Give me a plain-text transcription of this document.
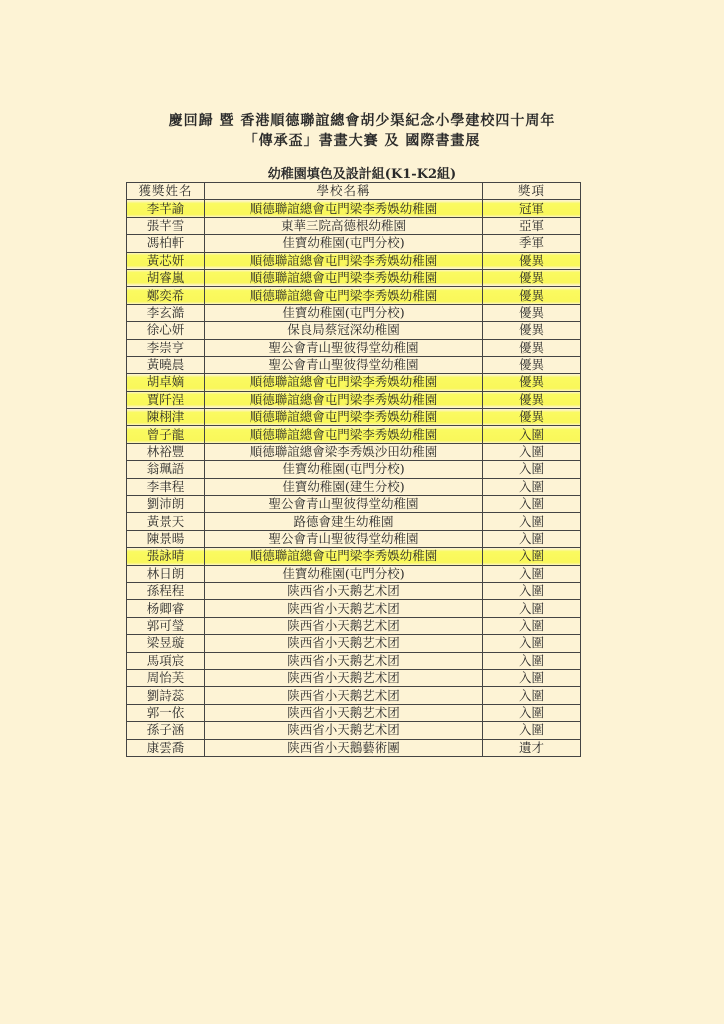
慶回歸 暨 香港順德聯誼總會胡少渠紀念小學建校四十周年
「傳承盃」書畫大賽 及 國際書畫展
幼稚園填色及設計組(K1-K2組)
獲獎姓名	學校名稱	獎項
李芊諭	順德聯誼總會屯門梁李秀娛幼稚園	冠軍
張芊雪	東華三院高德根幼稚園	亞軍
馮柏軒	佳寶幼稚園(屯門分校)	季軍
黃芯妍	順德聯誼總會屯門梁李秀娛幼稚園	優異
胡睿嵐	順德聯誼總會屯門梁李秀娛幼稚園	優異
鄭奕希	順德聯誼總會屯門梁李秀娛幼稚園	優異
李玄澔	佳寶幼稚園(屯門分校)	優異
徐心妍	保良局蔡冠深幼稚園	優異
李崇亨	聖公會青山聖彼得堂幼稚園	優異
黃曉晨	聖公會青山聖彼得堂幼稚園	優異
胡卓嫡	順德聯誼總會屯門梁李秀娛幼稚園	優異
賈阡浧	順德聯誼總會屯門梁李秀娛幼稚園	優異
陳栩津	順德聯誼總會屯門梁李秀娛幼稚園	優異
曾子龍	順德聯誼總會屯門梁李秀娛幼稚園	入圍
林裕豐	順德聯誼總會梁李秀娛沙田幼稚園	入圍
翁珮語	佳寶幼稚園(屯門分校)	入圍
李聿程	佳寶幼稚園(建生分校)	入圍
劉沛朗	聖公會青山聖彼得堂幼稚園	入圍
黃景天	路德會建生幼稚園	入圍
陳景暘	聖公會青山聖彼得堂幼稚園	入圍
張詠晴	順德聯誼總會屯門梁李秀娛幼稚園	入圍
林日朗	佳寶幼稚園(屯門分校)	入圍
孫程程	陕西省小天鹅艺术团	入圍
杨卿睿	陕西省小天鹅艺术团	入圍
郭可瑩	陕西省小天鹅艺术团	入圍
梁昱璇	陕西省小天鹅艺术团	入圍
馬項宸	陕西省小天鹅艺术团	入圍
周怡芙	陕西省小天鹅艺术团	入圍
劉詩蕊	陕西省小天鹅艺术团	入圍
郭一依	陕西省小天鹅艺术团	入圍
孫子涵	陕西省小天鹅艺术团	入圍
康雲喬	陕西省小天鵝藝術團	遺才
